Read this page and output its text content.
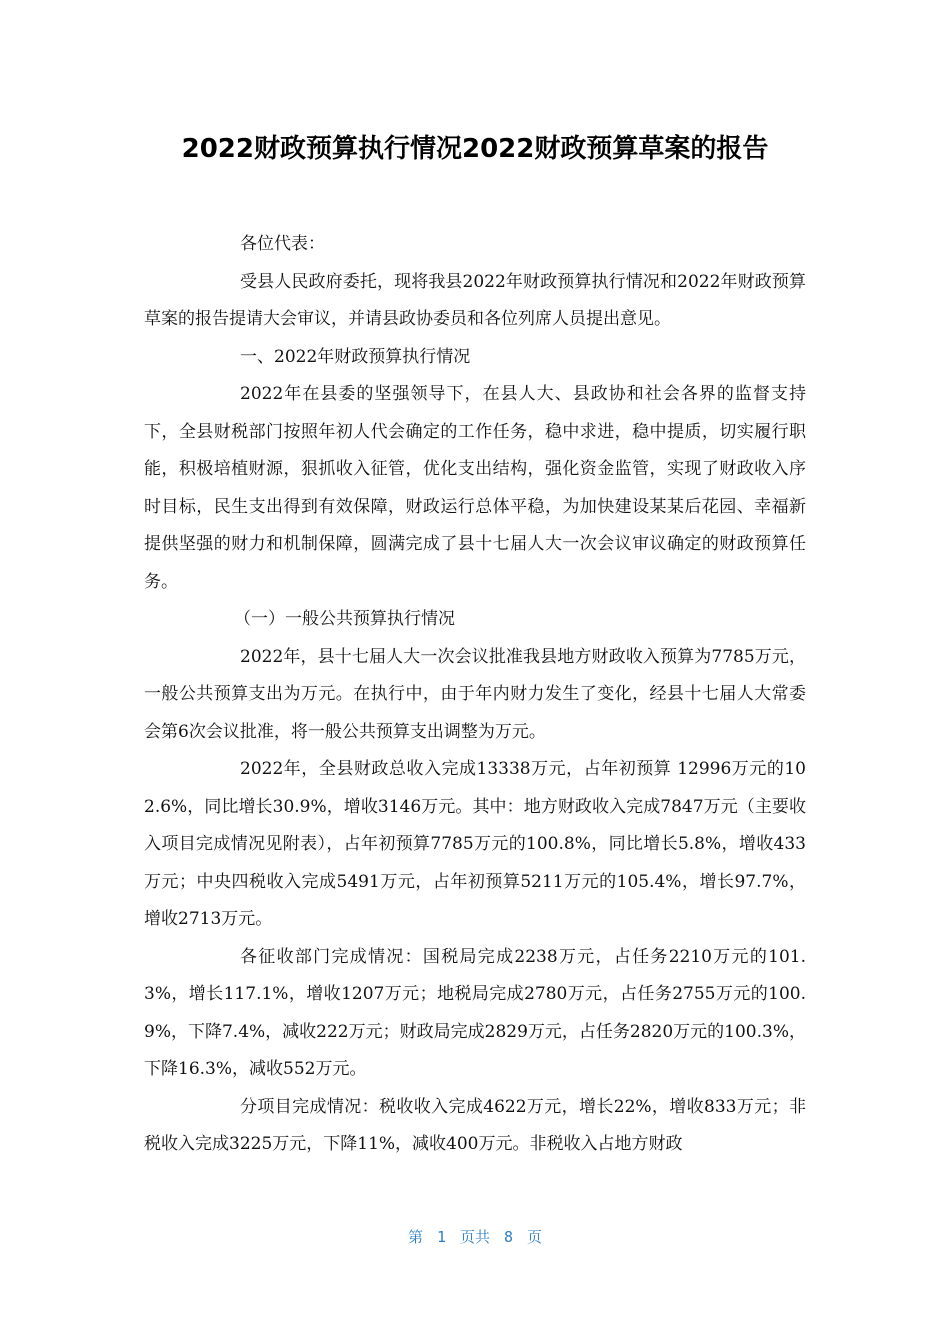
2022财政预算执行情况2022财政预算草案的报告

各位代表：

受县人民政府委托，现将我县2022年财政预算执行情况和2022年财政预算草案的报告提请大会审议，并请县政协委员和各位列席人员提出意见。

一、2022年财政预算执行情况

2022年在县委的坚强领导下，在县人大、县政协和社会各界的监督支持下，全县财税部门按照年初人代会确定的工作任务，稳中求进，稳中提质，切实履行职能，积极培植财源，狠抓收入征管，优化支出结构，强化资金监管，实现了财政收入序时目标，民生支出得到有效保障，财政运行总体平稳，为加快建设某某后花园、幸福新提供坚强的财力和机制保障，圆满完成了县十七届人大一次会议审议确定的财政预算任务。

（一）一般公共预算执行情况

2022年，县十七届人大一次会议批准我县地方财政收入预算为7785万元，一般公共预算支出为万元。在执行中，由于年内财力发生了变化，经县十七届人大常委会第6次会议批准，将一般公共预算支出调整为万元。

2022年，全县财政总收入完成13338万元，占年初预算 12996万元的102.6%，同比增长30.9%，增收3146万元。其中：地方财政收入完成7847万元（主要收入项目完成情况见附表），占年初预算7785万元的100.8%，同比增长5.8%，增收433万元；中央四税收入完成5491万元，占年初预算5211万元的105.4%，增长97.7%，增收2713万元。

各征收部门完成情况：国税局完成2238万元，占任务2210万元的101.3%，增长117.1%，增收1207万元；地税局完成2780万元，占任务2755万元的100.9%，下降7.4%，减收222万元；财政局完成2829万元，占任务2820万元的100.3%，下降16.3%，减收552万元。

分项目完成情况：税收收入完成4622万元，增长22%，增收833万元；非税收入完成3225万元，下降11%，减收400万元。非税收入占地方财政

第 1 页共 8 页
